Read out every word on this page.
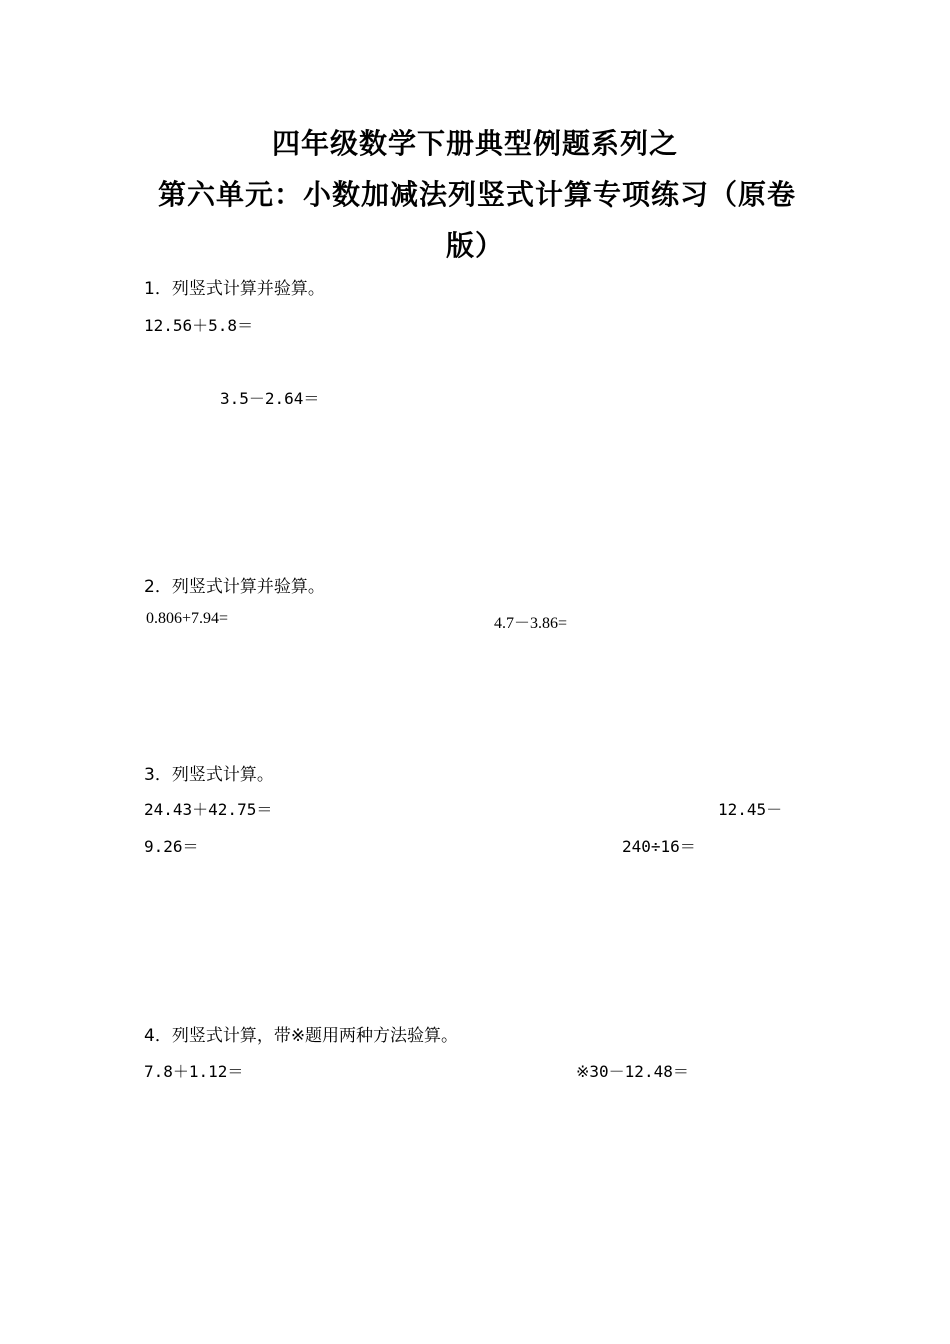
四年级数学下册典型例题系列之
第六单元：小数加减法列竖式计算专项练习（原卷
版）
1．列竖式计算并验算。
12.56＋5.8＝
3.5－2.64＝
2．列竖式计算并验算。
0.806+7.94=	4.7－3.86=
3．列竖式计算。
24.43＋42.75＝	12.45－
9.26＝	240÷16＝
4．列竖式计算，带※题用两种方法验算。
7.8＋1.12＝	※30－12.48＝
